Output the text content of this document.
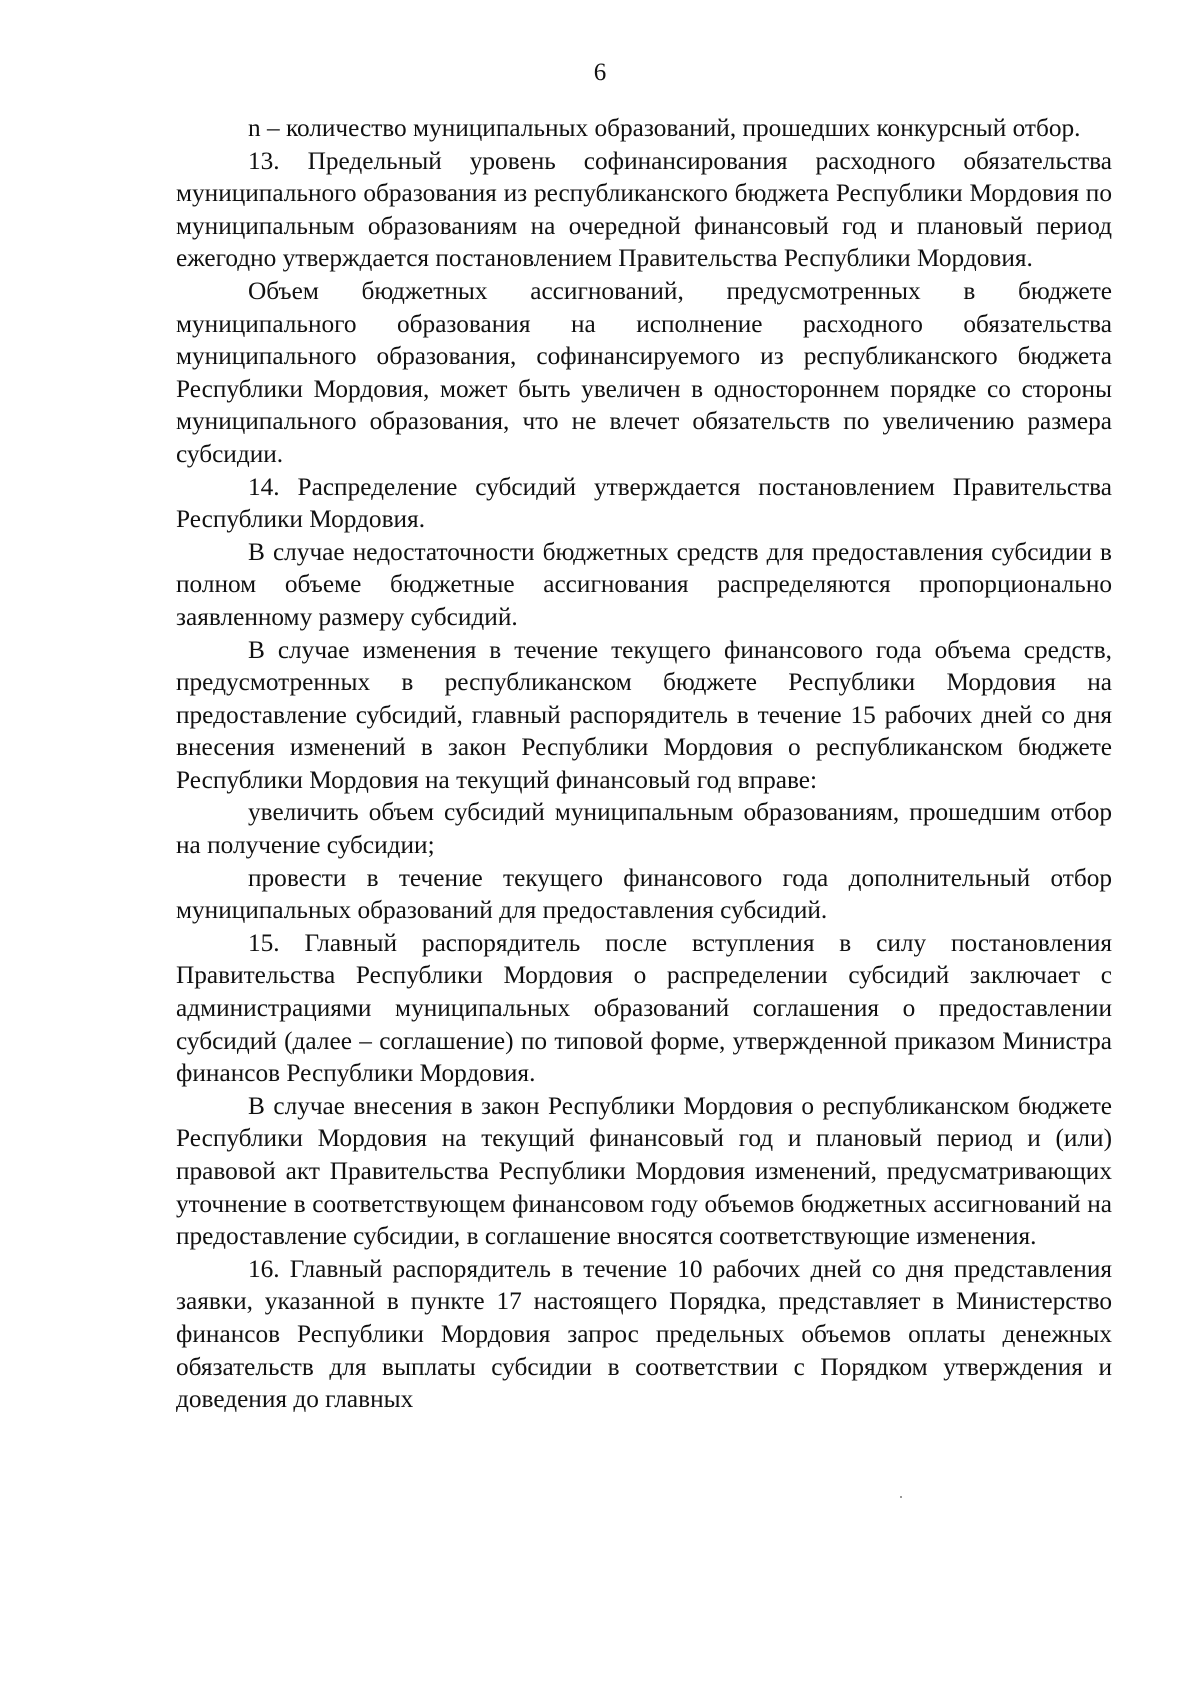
6

n – количество муниципальных образований, прошедших конкурсный отбор.

13. Предельный уровень софинансирования расходного обязательства муниципального образования из республиканского бюджета Республики Мордовия по муниципальным образованиям на очередной финансовый год и плановый период ежегодно утверждается постановлением Правительства Республики Мордовия.

Объем бюджетных ассигнований, предусмотренных в бюджете муниципального образования на исполнение расходного обязательства муниципального образования, софинансируемого из республиканского бюджета Республики Мордовия, может быть увеличен в одностороннем порядке со стороны муниципального образования, что не влечет обязательств по увеличению размера субсидии.

14. Распределение субсидий утверждается постановлением Правительства Республики Мордовия.

В случае недостаточности бюджетных средств для предоставления субсидии в полном объеме бюджетные ассигнования распределяются пропорционально заявленному размеру субсидий.

В случае изменения в течение текущего финансового года объема средств, предусмотренных в республиканском бюджете Республики Мордовия на предоставление субсидий, главный распорядитель в течение 15 рабочих дней со дня внесения изменений в закон Республики Мордовия о республиканском бюджете Республики Мордовия на текущий финансовый год вправе:

увеличить объем субсидий муниципальным образованиям, прошедшим отбор на получение субсидии;

провести в течение текущего финансового года дополнительный отбор муниципальных образований для предоставления субсидий.

15. Главный распорядитель после вступления в силу постановления Правительства Республики Мордовия о распределении субсидий заключает с администрациями муниципальных образований соглашения о предоставлении субсидий (далее – соглашение) по типовой форме, утвержденной приказом Министра финансов Республики Мордовия.

В случае внесения в закон Республики Мордовия о республиканском бюджете Республики Мордовия на текущий финансовый год и плановый период и (или) правовой акт Правительства Республики Мордовия изменений, предусматривающих уточнение в соответствующем финансовом году объемов бюджетных ассигнований на предоставление субсидии, в соглашение вносятся соответствующие изменения.

16. Главный распорядитель в течение 10 рабочих дней со дня представления заявки, указанной в пункте 17 настоящего Порядка, представляет в Министерство финансов Республики Мордовия запрос предельных объемов оплаты денежных обязательств для выплаты субсидии в соответствии с Порядком утверждения и доведения до главных
